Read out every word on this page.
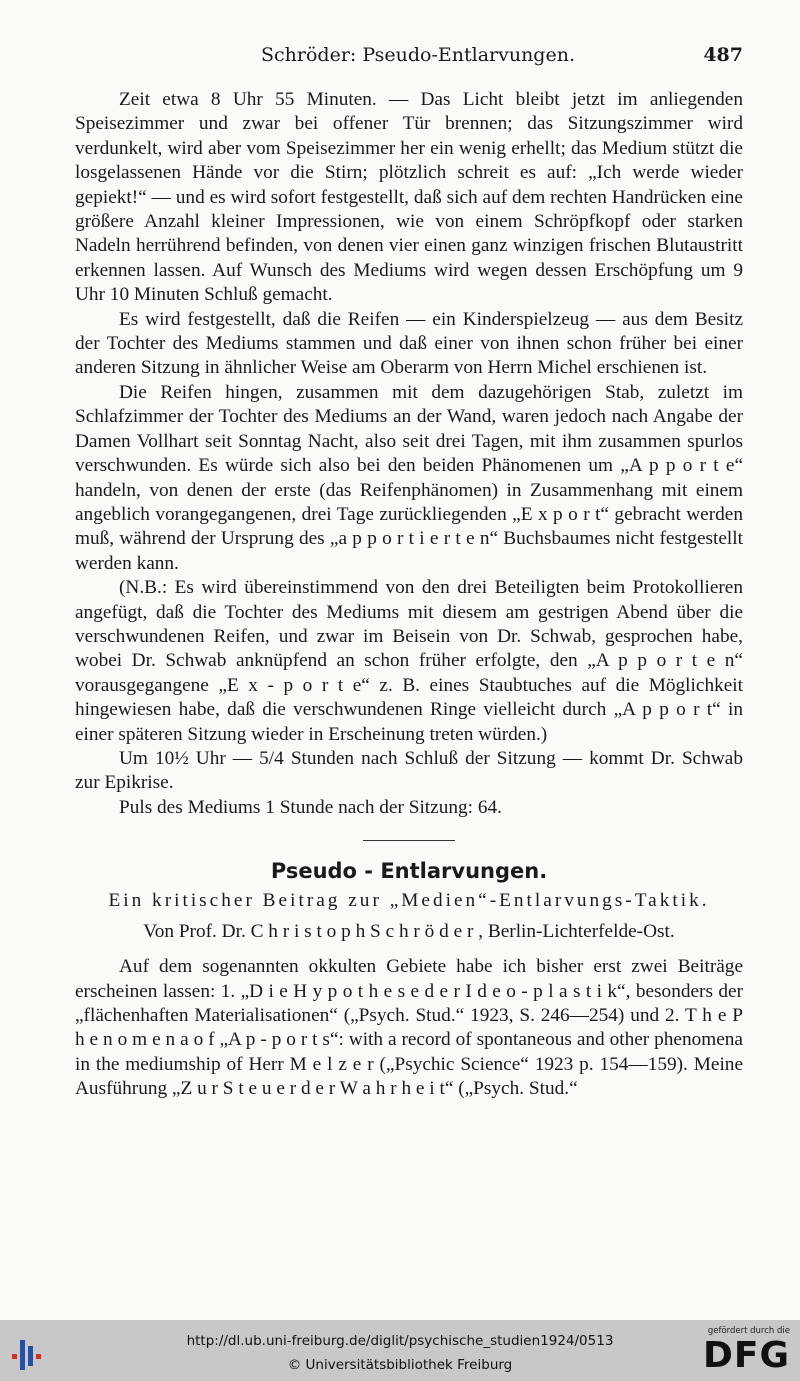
Schröder: Pseudo-Entlarvungen.	487

Zeit etwa 8 Uhr 55 Minuten. — Das Licht bleibt jetzt im anliegenden Speisezimmer und zwar bei offener Tür brennen; das Sitzungszimmer wird verdunkelt, wird aber vom Speisezimmer her ein wenig erhellt; das Medium stützt die losgelassenen Hände vor die Stirn; plötzlich schreit es auf: „Ich werde wieder gepiekt!“ — und es wird sofort festgestellt, daß sich auf dem rechten Handrücken eine größere Anzahl kleiner Impressionen, wie von einem Schröpfkopf oder starken Nadeln herrührend befinden, von denen vier einen ganz winzigen frischen Blutaustritt erkennen lassen. Auf Wunsch des Mediums wird wegen dessen Erschöpfung um 9 Uhr 10 Minuten Schluß gemacht.

Es wird festgestellt, daß die Reifen — ein Kinderspielzeug — aus dem Besitz der Tochter des Mediums stammen und daß einer von ihnen schon früher bei einer anderen Sitzung in ähnlicher Weise am Oberarm von Herrn Michel erschienen ist.

Die Reifen hingen, zusammen mit dem dazugehörigen Stab, zuletzt im Schlafzimmer der Tochter des Mediums an der Wand, waren jedoch nach Angabe der Damen Vollhart seit Sonntag Nacht, also seit drei Tagen, mit ihm zusammen spurlos verschwunden. Es würde sich also bei den beiden Phänomenen um „A p p o r t e“ handeln, von denen der erste (das Reifenphänomen) in Zusammenhang mit einem angeblich vorangegangenen, drei Tage zurückliegenden „E x p o r t“ gebracht werden muß, während der Ursprung des „a p p o r t i e r t e n“ Buchsbaumes nicht festgestellt werden kann.

(N.B.: Es wird übereinstimmend von den drei Beteiligten beim Protokollieren angefügt, daß die Tochter des Mediums mit diesem am gestrigen Abend über die verschwundenen Reifen, und zwar im Beisein von Dr. Schwab, gesprochen habe, wobei Dr. Schwab anknüpfend an schon früher erfolgte, den „A p p o r t e n“ vorausgegangene „E x - p o r t e“ z. B. eines Staubtuches auf die Möglichkeit hingewiesen habe, daß die verschwundenen Ringe vielleicht durch „A p p o r t“ in einer späteren Sitzung wieder in Erscheinung treten würden.)

Um 10½ Uhr — 5/4 Stunden nach Schluß der Sitzung — kommt Dr. Schwab zur Epikrise.

Puls des Mediums 1 Stunde nach der Sitzung: 64.

Pseudo - Entlarvungen.
Ein kritischer Beitrag zur „Medien“-Entlarvungs-Taktik.
Von Prof. Dr. C h r i s t o p h S c h r ö d e r , Berlin-Lichterfelde-Ost.

Auf dem sogenannten okkulten Gebiete habe ich bisher erst zwei Beiträge erscheinen lassen: 1. „D i e H y p o t h e s e d e r I d e o - p l a s t i k“, besonders der „flächenhaften Materialisationen“ („Psych. Stud.“ 1923, S. 246—254) und 2. T h e P h e n o m e n a o f „A p - p o r t s“: with a record of spontaneous and other phenomena in the mediumship of Herr M e l z e r („Psychic Science“ 1923 p. 154—159). Meine Ausführung „Z u r S t e u e r d e r W a h r h e i t“ („Psych. Stud.“

http://dl.ub.uni-freiburg.de/diglit/psychische_studien1924/0513
© Universitätsbibliothek Freiburg
gefördert durch die
DFG
